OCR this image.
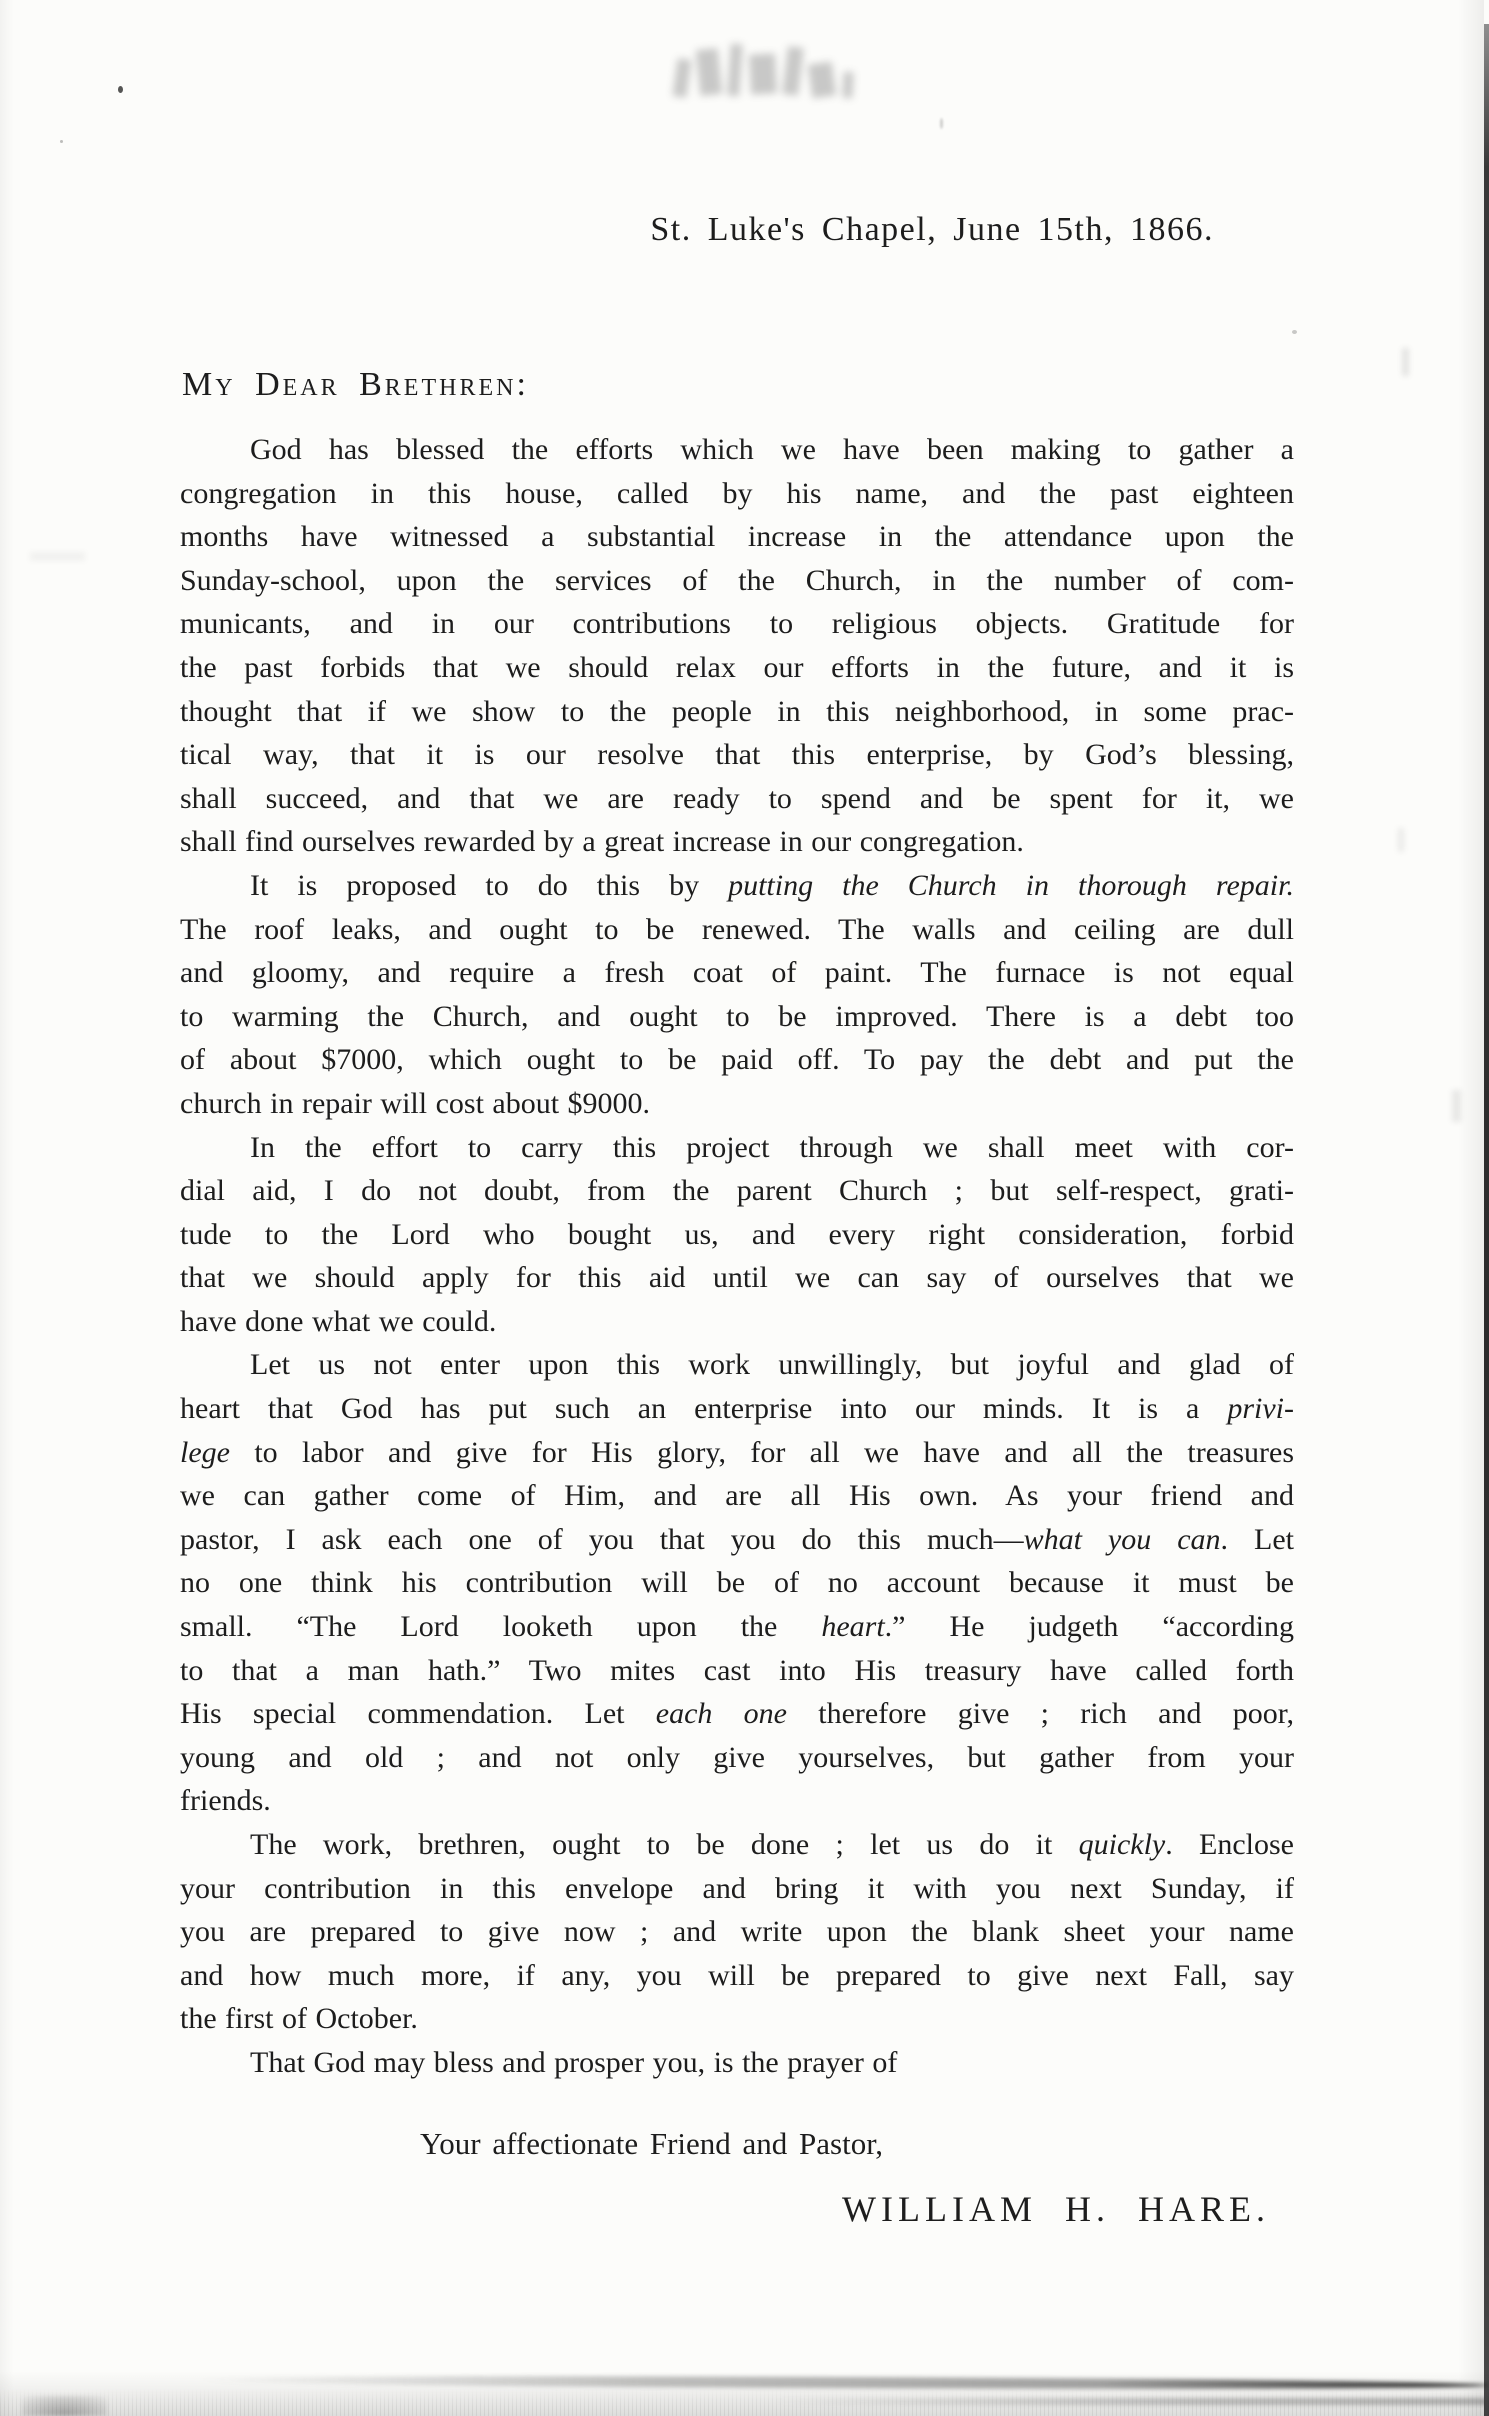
St. Luke's Chapel, June 15th, 1866.
My Dear Brethren:
God has blessed the efforts which we have been making to gather a
congregation in this house, called by his name, and the past eighteen
months have witnessed a substantial increase in the attendance upon the
Sunday-school, upon the services of the Church, in the number of com-
municants, and in our contributions to religious objects. Gratitude for
the past forbids that we should relax our efforts in the future, and it is
thought that if we show to the people in this neighborhood, in some prac-
tical way, that it is our resolve that this enterprise, by God’s blessing,
shall succeed, and that we are ready to spend and be spent for it, we
shall find ourselves rewarded by a great increase in our congregation.
It is proposed to do this by putting the Church in thorough repair.
The roof leaks, and ought to be renewed. The walls and ceiling are dull
and gloomy, and require a fresh coat of paint. The furnace is not equal
to warming the Church, and ought to be improved. There is a debt too
of about $7000, which ought to be paid off. To pay the debt and put the
church in repair will cost about $9000.
In the effort to carry this project through we shall meet with cor-
dial aid, I do not doubt, from the parent Church ; but self-respect, grati-
tude to the Lord who bought us, and every right consideration, forbid
that we should apply for this aid until we can say of ourselves that we
have done what we could.
Let us not enter upon this work unwillingly, but joyful and glad of
heart that God has put such an enterprise into our minds. It is a privi-
lege to labor and give for His glory, for all we have and all the treasures
we can gather come of Him, and are all His own. As your friend and
pastor, I ask each one of you that you do this much—what you can. Let
no one think his contribution will be of no account because it must be
small. “The Lord looketh upon the heart.” He judgeth “according
to that a man hath.” Two mites cast into His treasury have called forth
His special commendation. Let each one therefore give ; rich and poor,
young and old ; and not only give yourselves, but gather from your
friends.
The work, brethren, ought to be done ; let us do it quickly. Enclose
your contribution in this envelope and bring it with you next Sunday, if
you are prepared to give now ; and write upon the blank sheet your name
and how much more, if any, you will be prepared to give next Fall, say
the first of October.
That God may bless and prosper you, is the prayer of
Your affectionate Friend and Pastor,
WILLIAM H. HARE.
